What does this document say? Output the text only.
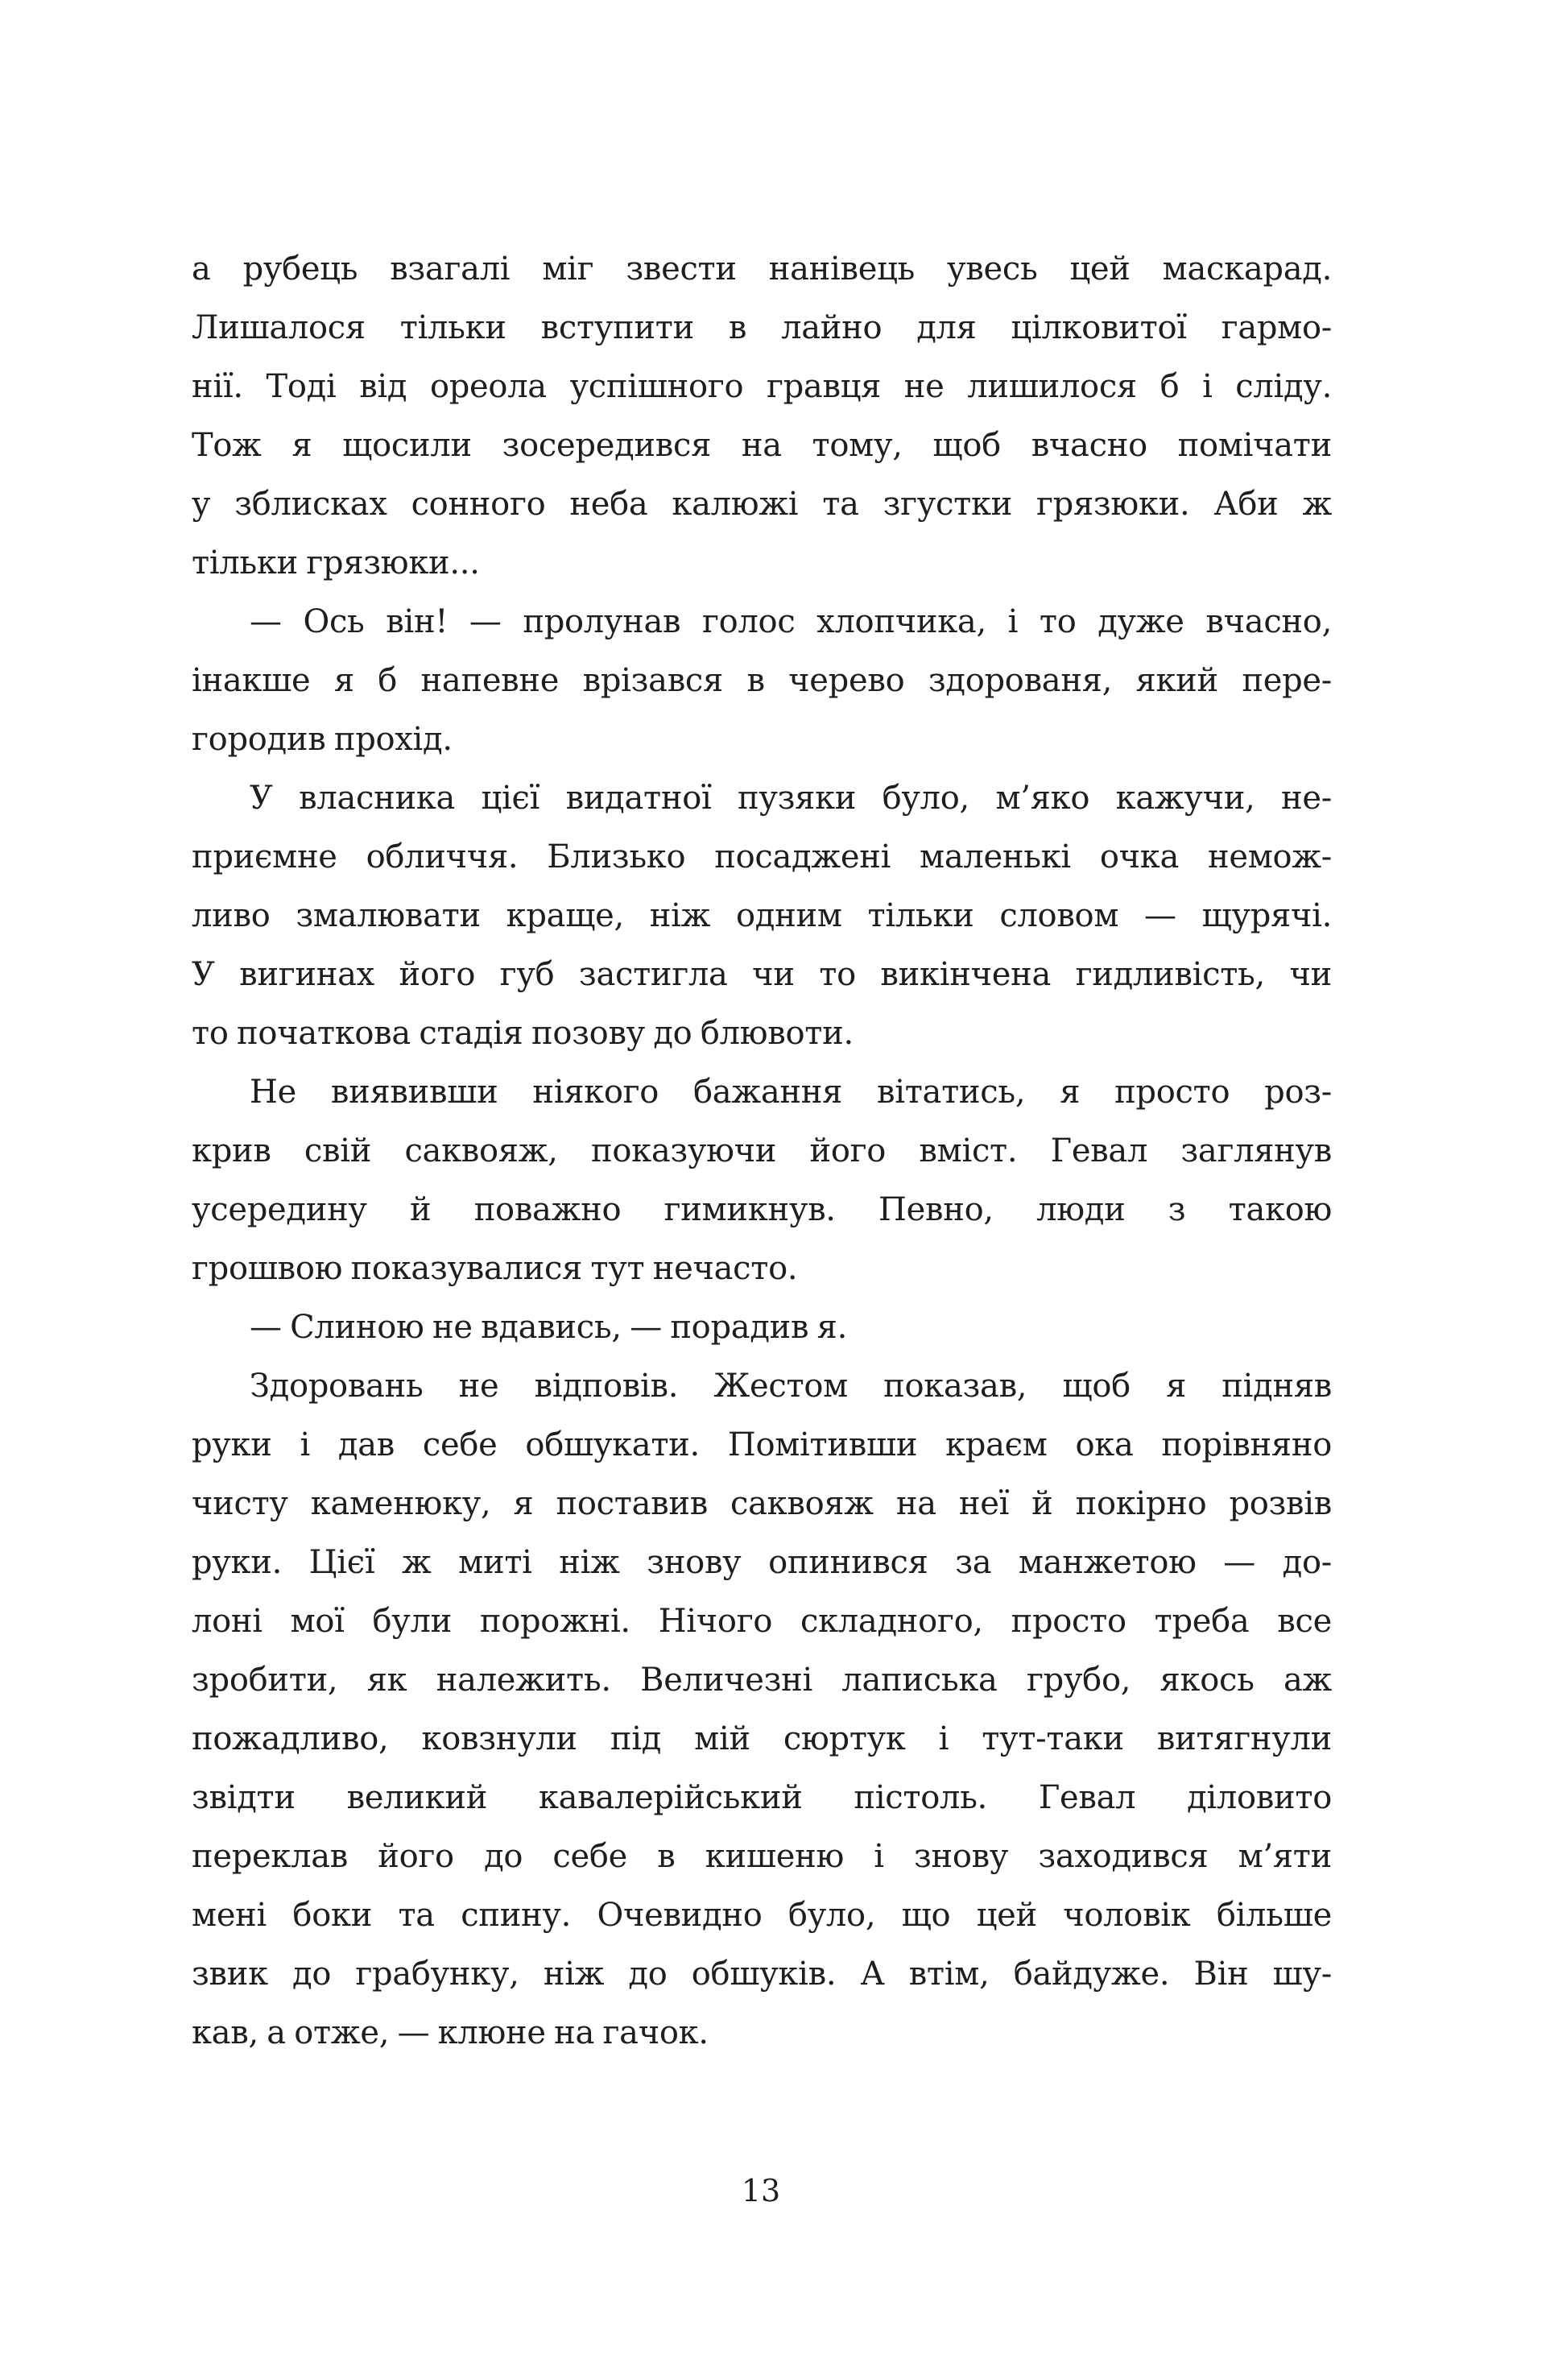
а рубець взагалі міг звести нанівець увесь цей маскарад.
Лишалося тільки вступити в лайно для цілковитої гармо-
нії. Тоді від ореола успішного гравця не лишилося б і сліду.
Тож я щосили зосередився на тому, щоб вчасно помічати
у зблисках сонного неба калюжі та згустки грязюки. Аби ж
тільки грязюки...
— Ось він! — пролунав голос хлопчика, і то дуже вчасно,
інакше я б напевне врізався в черево здорованя, який пере-
городив прохід.
У власника цієї видатної пузяки було, м’яко кажучи, не-
приємне обличчя. Близько посаджені маленькі очка немож-
ливо змалювати краще, ніж одним тільки словом — щурячі.
У вигинах його губ застигла чи то викінчена гидливість, чи
то початкова стадія позову до блювоти.
Не виявивши ніякого бажання вітатись, я просто роз-
крив свій саквояж, показуючи його вміст. Гевал заглянув
усередину й поважно гимикнув. Певно, люди з такою
грошвою показувалися тут нечасто.
— Слиною не вдавись, — порадив я.
Здоровань не відповів. Жестом показав, щоб я підняв
руки і дав себе обшукати. Помітивши краєм ока порівняно
чисту каменюку, я поставив саквояж на неї й покірно розвів
руки. Цієї ж миті ніж знову опинився за манжетою — до-
лоні мої були порожні. Нічого складного, просто треба все
зробити, як належить. Величезні лаписька грубо, якось аж
пожадливо, ковзнули під мій сюртук і тут-таки витягнули
звідти великий кавалерійський пістоль. Гевал діловито
переклав його до себе в кишеню і знову заходився м’яти
мені боки та спину. Очевидно було, що цей чоловік більше
звик до грабунку, ніж до обшуків. А втім, байдуже. Він шу-
кав, а отже, — клюне на гачок.
13
